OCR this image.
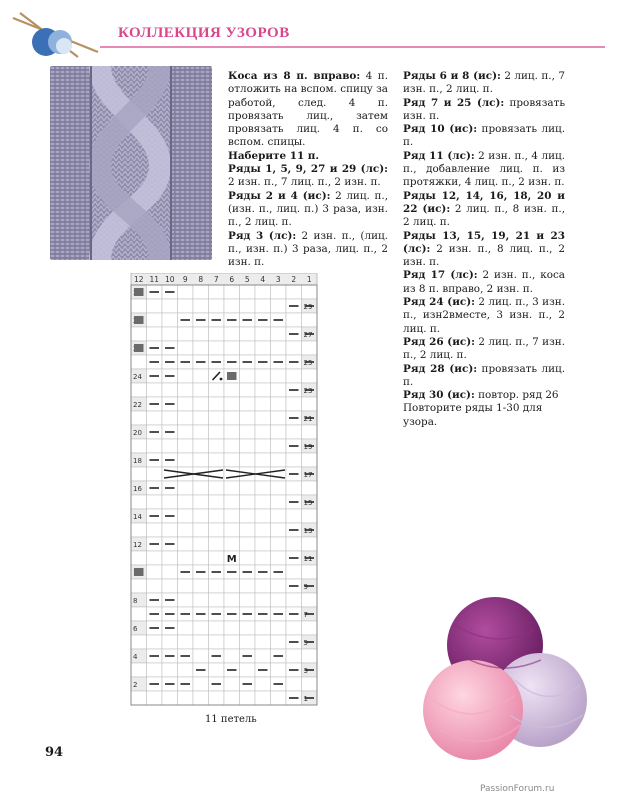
КОЛЛЕКЦИЯ УЗОРОВ

Коса из 8 п. вправо: 4 п. отложить на вспом. спицу за работой, след. 4 п. провязать лиц., затем провязать лиц. 4 п. со вспом. спицы.

Наберите 11 п.

Ряды 1, 5, 9, 27 и 29 (лс): 2 изн. п., 7 лиц. п., 2 изн. п.

Ряды 2 и 4 (ис): 2 лиц. п., (изн. п., лиц. п.) 3 раза, изн. п., 2 лиц. п.

Ряд 3 (лс): 2 изн. п., (лиц. п., изн. п.) 3 раза, лиц. п., 2 изн. п.

Ряды 6 и 8 (ис): 2 лиц. п., 7 изн. п., 2 лиц. п.

Ряд 7 и 25 (лс): провязать изн. п.

Ряд 10 (ис): провязать лиц. п.

Ряд 11 (лс): 2 изн. п., 4 лиц. п., добавление лиц. п. из протяжки, 4 лиц. п., 2 изн. п.

Ряды 12, 14, 16, 18, 20 и 22 (ис): 2 лиц. п., 8 изн. п., 2 лиц. п.

Ряды 13, 15, 19, 21 и 23 (лс): 2 изн. п., 8 лиц. п., 2 изн. п.

Ряд 17 (лс): 2 изн. п., коса из 8 п. вправо, 2 изн. п.

Ряд 24 (ис): 2 лиц. п., 3 изн. п., изн2вместе, 3 изн. п., 2 лиц. п.

Ряд 26 (ис): 2 лиц. п., 7 изн. п., 2 лиц. п.

Ряд 28 (ис): провязать лиц. п.

Ряд 30 (ис): повтор. ряд 26

Повторите ряды 1-30 для узора.

12 11 10 9 8 7 6 5 4 3 2 1
24
22
20
18
16
14
12
8
6
4
2
29
27
25
23
21
19
17
15
13
11
9
7
5
3
1
M
11 петель
94
PassionForum.ru
